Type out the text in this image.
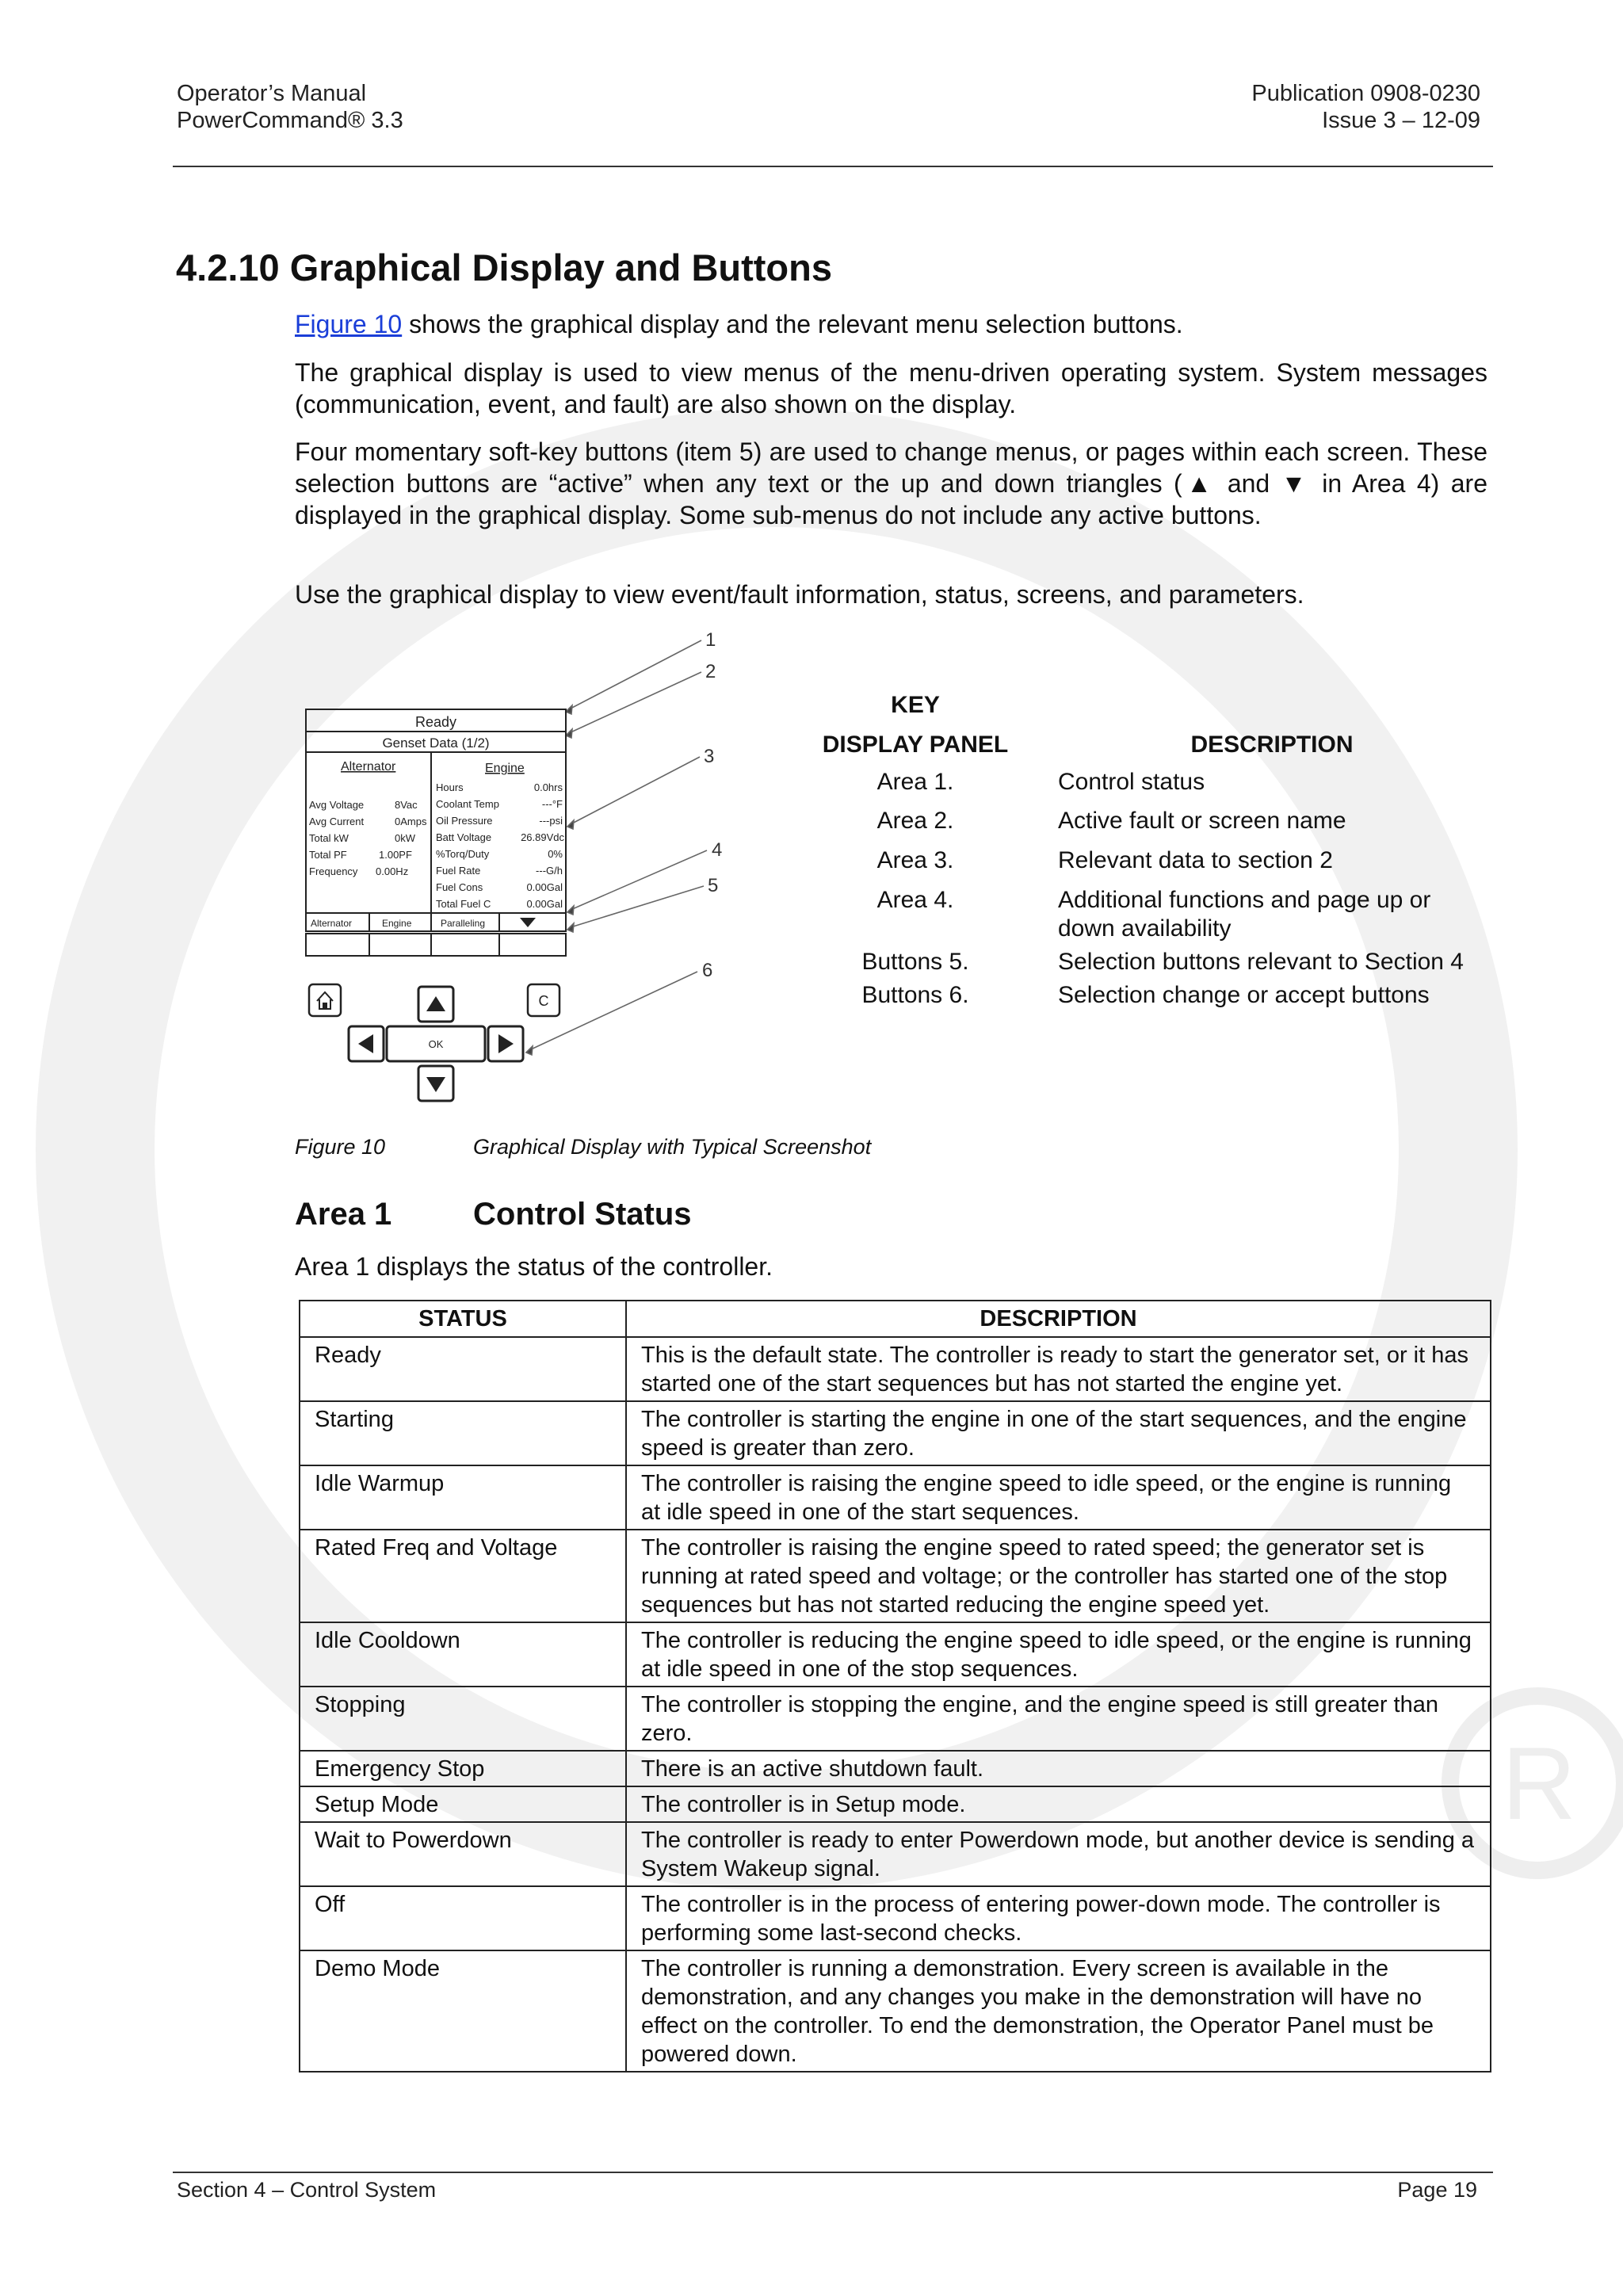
R
Operator’s Manual
PowerCommand® 3.3
Publication 0908-0230
Issue 3 – 12-09
4.2.10 Graphical Display and Buttons
Figure 10 shows the graphical display and the relevant menu selection buttons.
The graphical display is used to view menus of the menu-driven operating system. System messages (communication, event, and fault) are also shown on the display.
Four momentary soft-key buttons (item 5) are used to change menus, or pages within each screen. These selection buttons are “active” when any text or the up and down triangles (▲ and ▼ in Area 4) are displayed in the graphical display. Some sub-menus do not include any active buttons.
Use the graphical display to view event/fault information, status, screens, and parameters.
1
2
3
4
5
6
Ready
Genset Data (1/2)
Alternator	Engine
Avg Voltage	8Vac
Avg Current	0Amps
Total kW	0kW
Total PF	1.00PF
Frequency 0.00Hz
Hours	0.0hrs
Coolant Temp	---°F
Oil Pressure	---psi
Batt Voltage	26.89Vdc
%Torq/Duty	0%
Fuel Rate	---G/h
Fuel Cons	0.00Gal
Total Fuel C	0.00Gal
Alternator	Engine	Paralleling
C
OK
KEY
DISPLAY PANEL	DESCRIPTION
Area 1.	Control status
Area 2.	Active fault or screen name
Area 3.	Relevant data to section 2
Area 4.	Additional functions and page up or down availability
Buttons 5.	Selection buttons relevant to Section 4
Buttons 6.	Selection change or accept buttons
Figure 10	Graphical Display with Typical Screenshot
Area 1	Control Status
Area 1 displays the status of the controller.
STATUS	DESCRIPTION
Ready	This is the default state. The controller is ready to start the generator set, or it has started one of the start sequences but has not started the engine yet.
Starting	The controller is starting the engine in one of the start sequences, and the engine speed is greater than zero.
Idle Warmup	The controller is raising the engine speed to idle speed, or the engine is running at idle speed in one of the start sequences.
Rated Freq and Voltage	The controller is raising the engine speed to rated speed; the generator set is running at rated speed and voltage; or the controller has started one of the stop sequences but has not started reducing the engine speed yet.
Idle Cooldown	The controller is reducing the engine speed to idle speed, or the engine is running at idle speed in one of the stop sequences.
Stopping	The controller is stopping the engine, and the engine speed is still greater than zero.
Emergency Stop	There is an active shutdown fault.
Setup Mode	The controller is in Setup mode.
Wait to Powerdown	The controller is ready to enter Powerdown mode, but another device is sending a System Wakeup signal.
Off	The controller is in the process of entering power-down mode. The controller is performing some last-second checks.
Demo Mode	The controller is running a demonstration. Every screen is available in the demonstration, and any changes you make in the demonstration will have no effect on the controller. To end the demonstration, the Operator Panel must be powered down.
Section 4 – Control System	Page 19
